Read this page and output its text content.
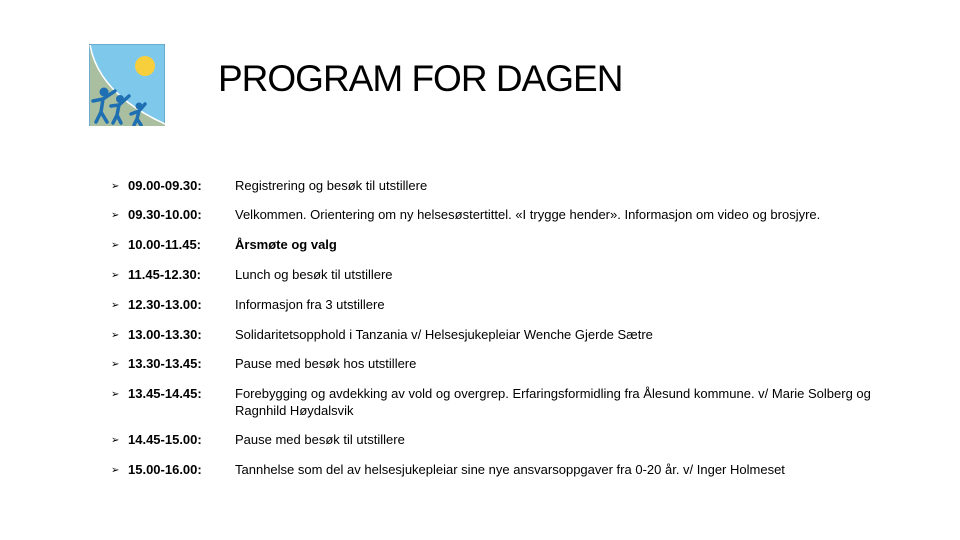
PROGRAM FOR DAGEN
➢ 09.00-09.30:	Registrering og besøk til utstillere
➢ 09.30-10.00:	Velkommen. Orientering om ny helsesøstertittel. «I trygge hender». Informasjon om video og brosjyre.
➢ 10.00-11.45:	Årsmøte og valg
➢ 11.45-12.30:	Lunch og besøk til utstillere
➢ 12.30-13.00:	Informasjon fra 3 utstillere
➢ 13.00-13.30:	Solidaritetsopphold i Tanzania v/ Helsesjukepleiar Wenche Gjerde Sætre
➢ 13.30-13.45:	Pause med besøk hos utstillere
➢ 13.45-14.45:	Forebygging og avdekking av vold og overgrep. Erfaringsformidling fra Ålesund kommune. v/ Marie Solberg og Ragnhild Høydalsvik
➢ 14.45-15.00:	Pause med besøk til utstillere
➢ 15.00-16.00:	Tannhelse som del av helsesjukepleiar sine nye ansvarsoppgaver fra 0-20 år. v/ Inger Holmeset
